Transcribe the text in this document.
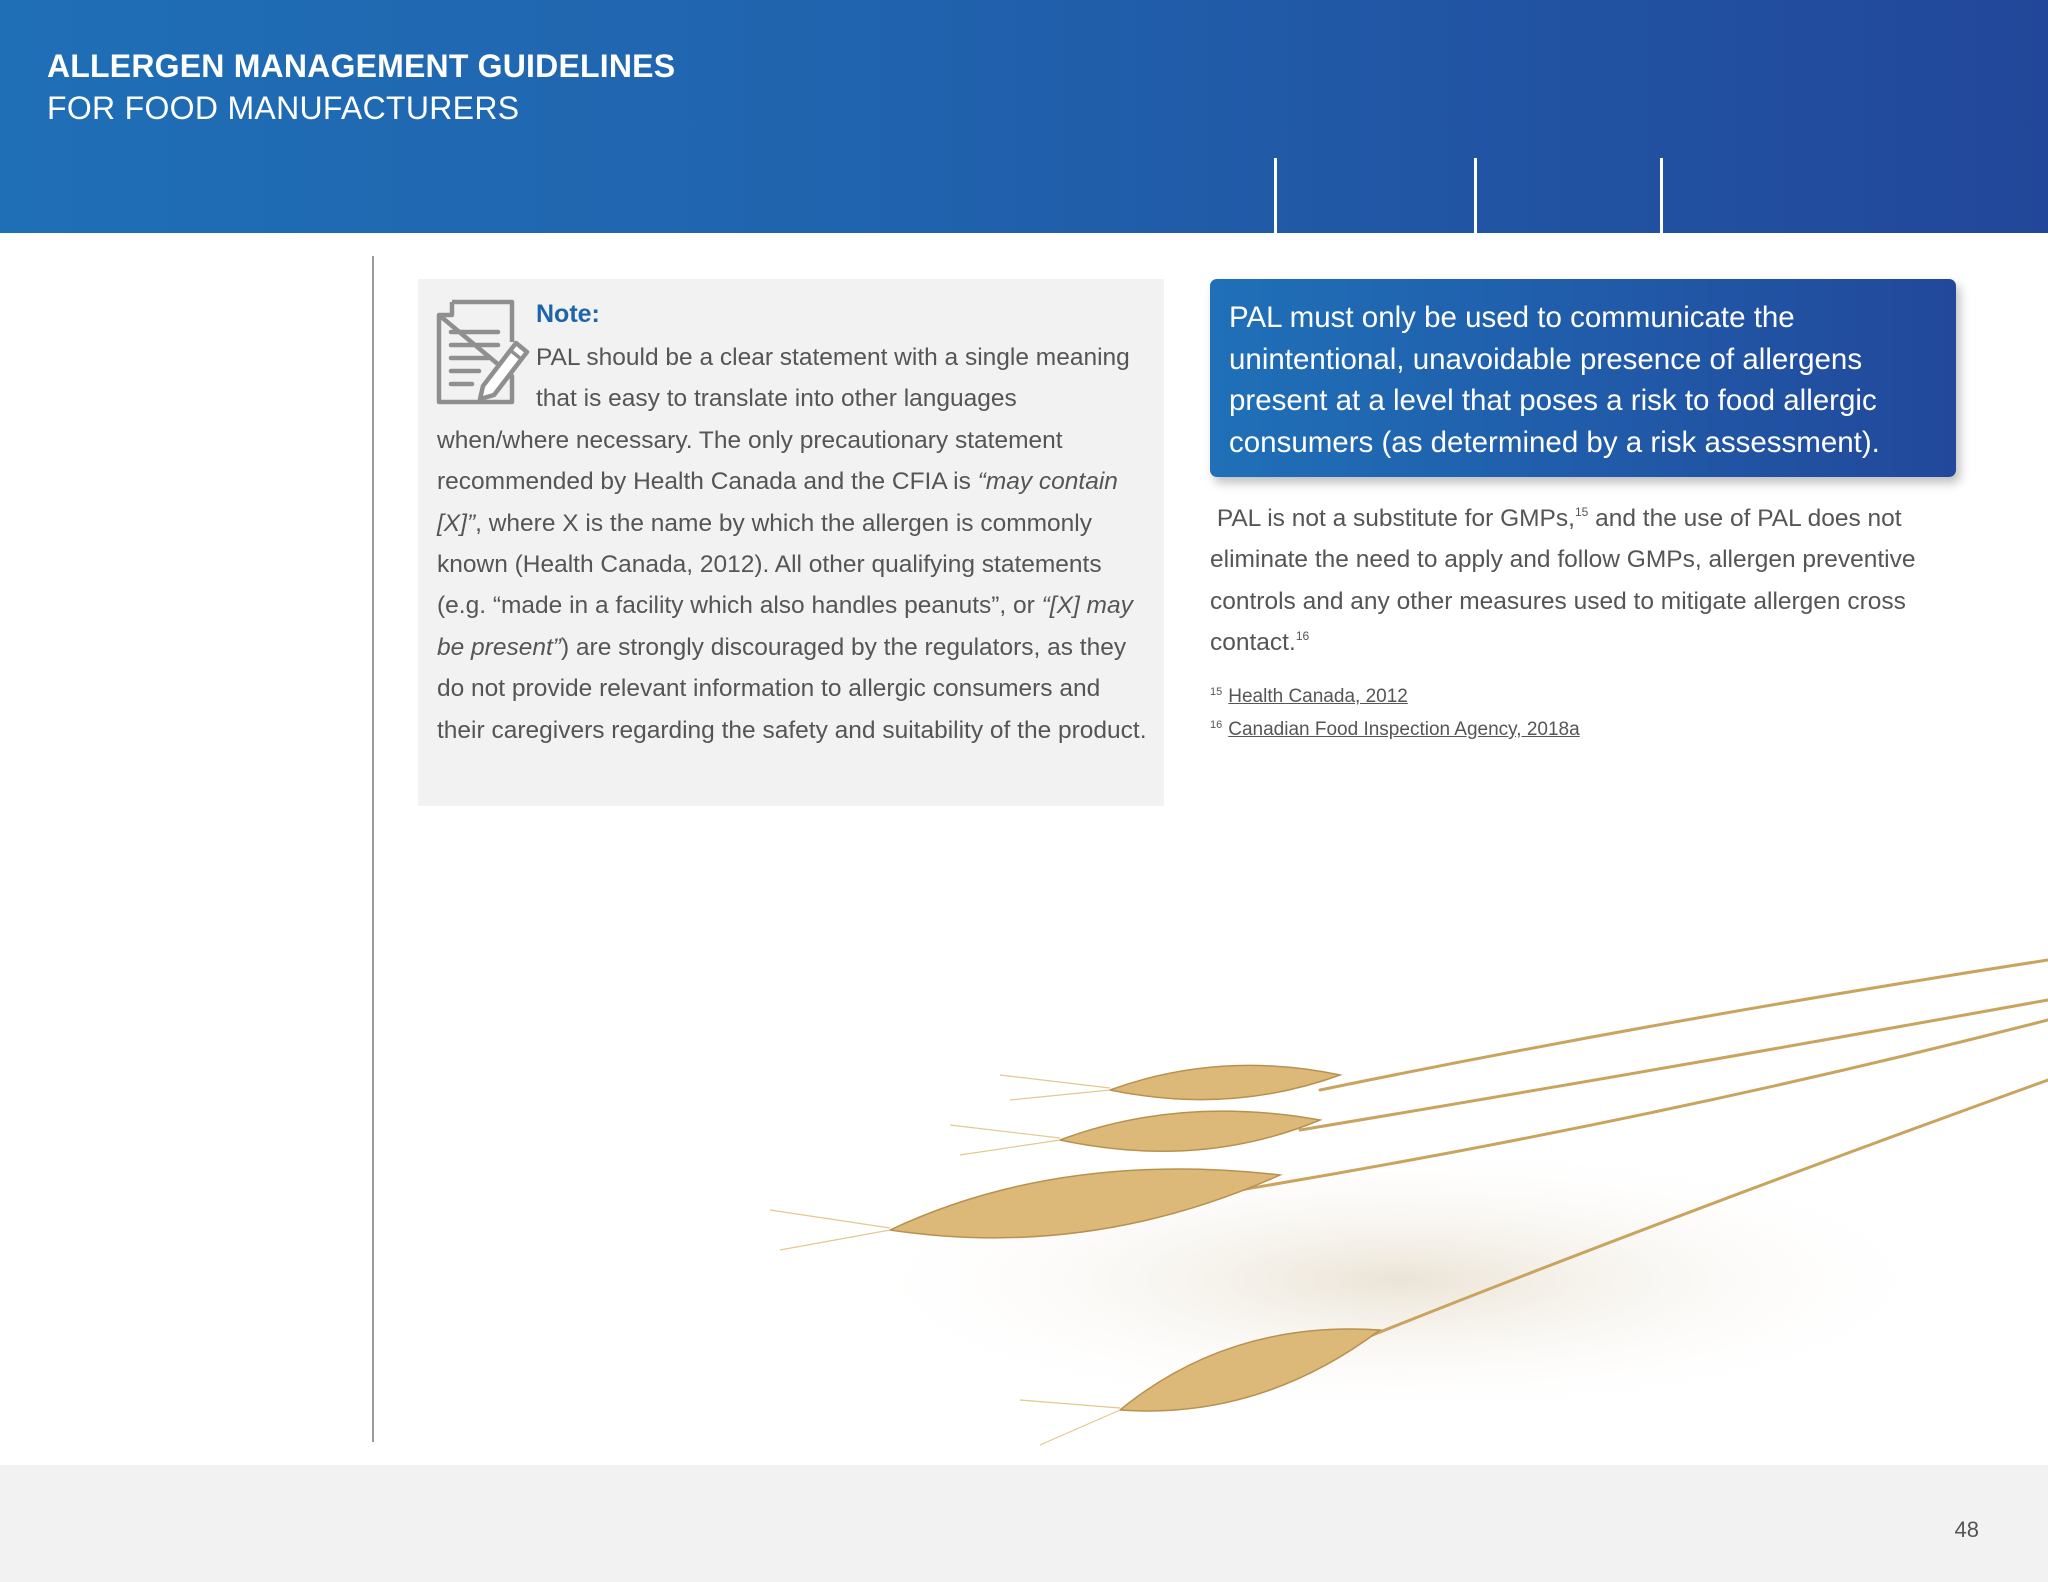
ALLERGEN MANAGEMENT GUIDELINES
FOR FOOD MANUFACTURERS
Note:
PAL should be a clear statement with a single meaning that is easy to translate into other languages when/where necessary. The only precautionary statement recommended by Health Canada and the CFIA is “may contain [X]”, where X is the name by which the allergen is commonly known (Health Canada, 2012). All other qualifying statements (e.g. “made in a facility which also handles peanuts”, or “[X] may be present”) are strongly discouraged by the regulators, as they do not provide relevant information to allergic consumers and their caregivers regarding the safety and suitability of the product.
PAL must only be used to communicate the unintentional, unavoidable presence of allergens present at a level that poses a risk to food allergic consumers (as determined by a risk assessment).
PAL is not a substitute for GMPs,$^{15}$ and the use of PAL does not eliminate the need to apply and follow GMPs, allergen preventive controls and any other measures used to mitigate allergen cross contact.$^{16}$
$^{15}$ Health Canada, 2012
$^{16}$ Canadian Food Inspection Agency, 2018a
48
